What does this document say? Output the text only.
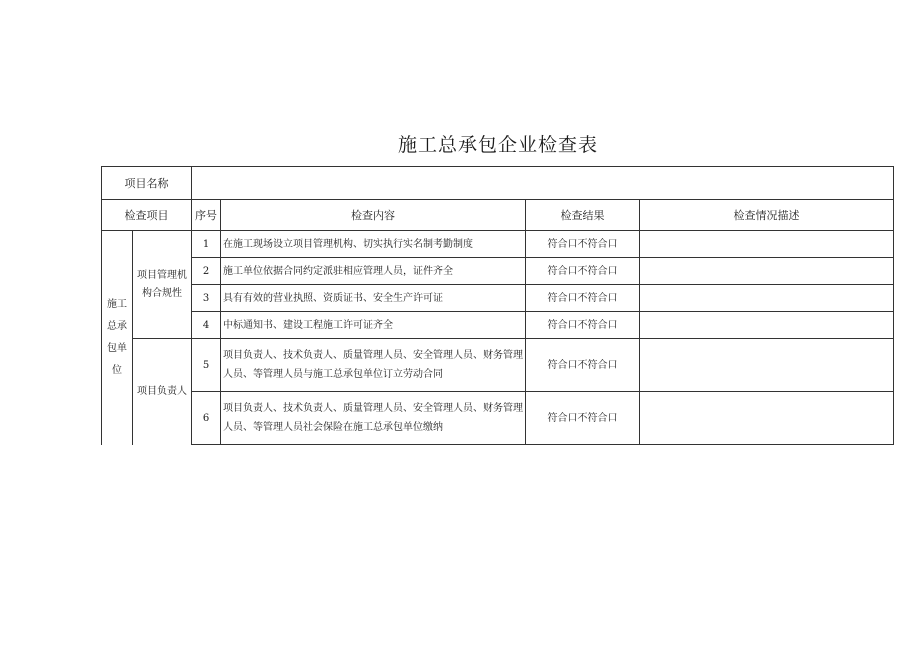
施工总承包企业检查表
项目名称					
检查项目		序号	检查内容	检查结果	检查情况描述

施工总承包单位	项目管理机构合规性	1	在施工现场设立项目管理机构、切实执行实名制考勤制度	符合口不符合口	
		2	施工单位依据合同约定派驻相应管理人员，证件齐全	符合口不符合口	
		3	具有有效的营业执照、资质证书、安全生产许可证	符合口不符合口	
		4	中标通知书、建设工程施工许可证齐全	符合口不符合口	
	项目负责人	5	项目负责人、技术负责人、质量管理人员、安全管理人员、财务管理人员、等管理人员与施工总承包单位订立劳动合同	符合口不符合口	
		6	项目负责人、技术负责人、质量管理人员、安全管理人员、财务管理人员、等管理人员社会保险在施工总承包单位缴纳	符合口不符合口	
